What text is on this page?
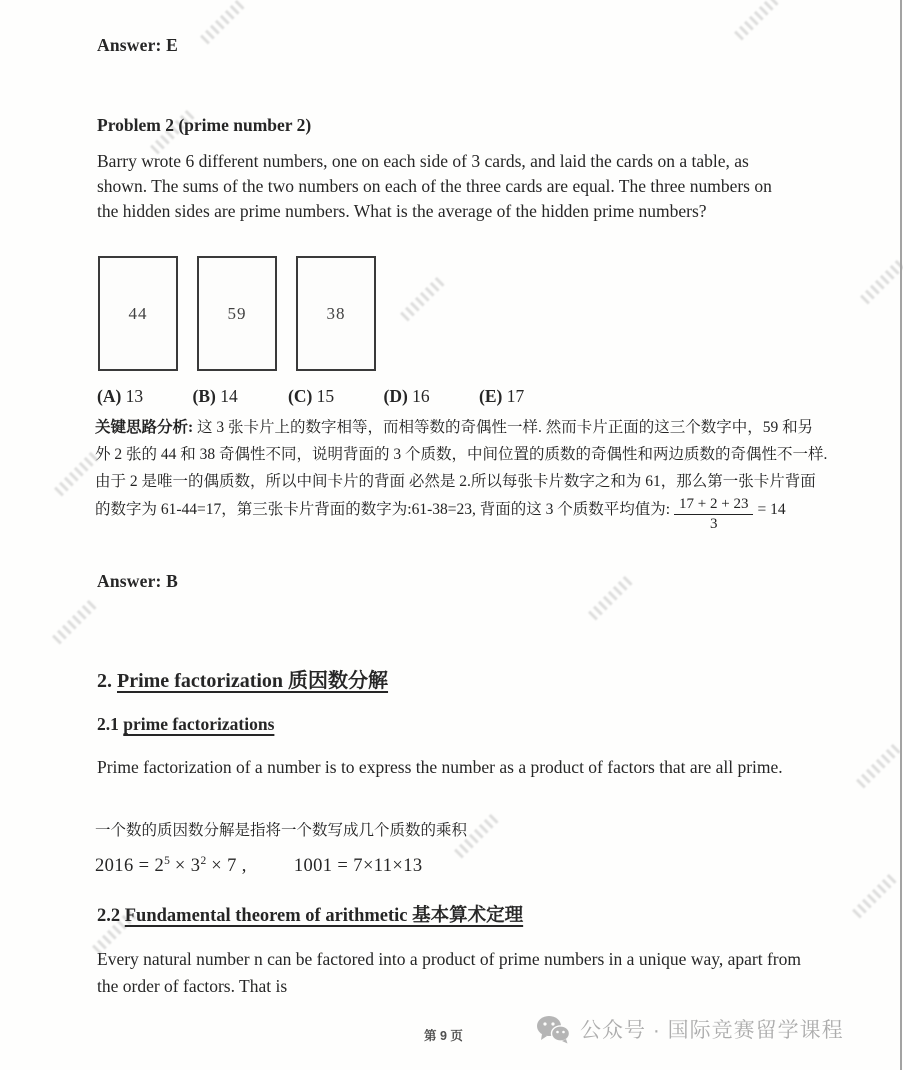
Answer: E
Problem 2 (prime number 2)
Barry wrote 6 different numbers, one on each side of 3 cards, and laid the cards on a table, as shown. The sums of the two numbers on each of the three cards are equal. The three numbers on the hidden sides are prime numbers. What is the average of the hidden prime numbers?
44	59	38
(A) 13	(B) 14	(C) 15	(D) 16	(E) 17
关键思路分析: 这 3 张卡片上的数字相等，而相等数的奇偶性一样. 然而卡片正面的这三个数字中，59 和另外 2 张的 44 和 38 奇偶性不同，说明背面的 3 个质数，中间位置的质数的奇偶性和两边质数的奇偶性不一样.由于 2 是唯一的偶质数，所以中间卡片的背面 必然是 2.所以每张卡片数字之和为 61，那么第一张卡片背面的数字为 61-44=17，第三张卡片背面的数字为:61-38=23, 背面的这 3 个质数平均值为: $\frac{17 + 2 + 23}{3} = 14$
Answer: B
2. Prime factorization 质因数分解
2.1 prime factorizations
Prime factorization of a number is to express the number as a product of factors that are all prime.
一个数的质因数分解是指将一个数写成几个质数的乘积
$2016 = 2^5 \times 3^2 \times 7$ ,	1001 = 7×11×13
2.2 Fundamental theorem of arithmetic 基本算术定理
Every natural number n can be factored into a product of prime numbers in a unique way, apart from the order of factors. That is
第 9 页	公众号 · 国际竞赛留学课程
